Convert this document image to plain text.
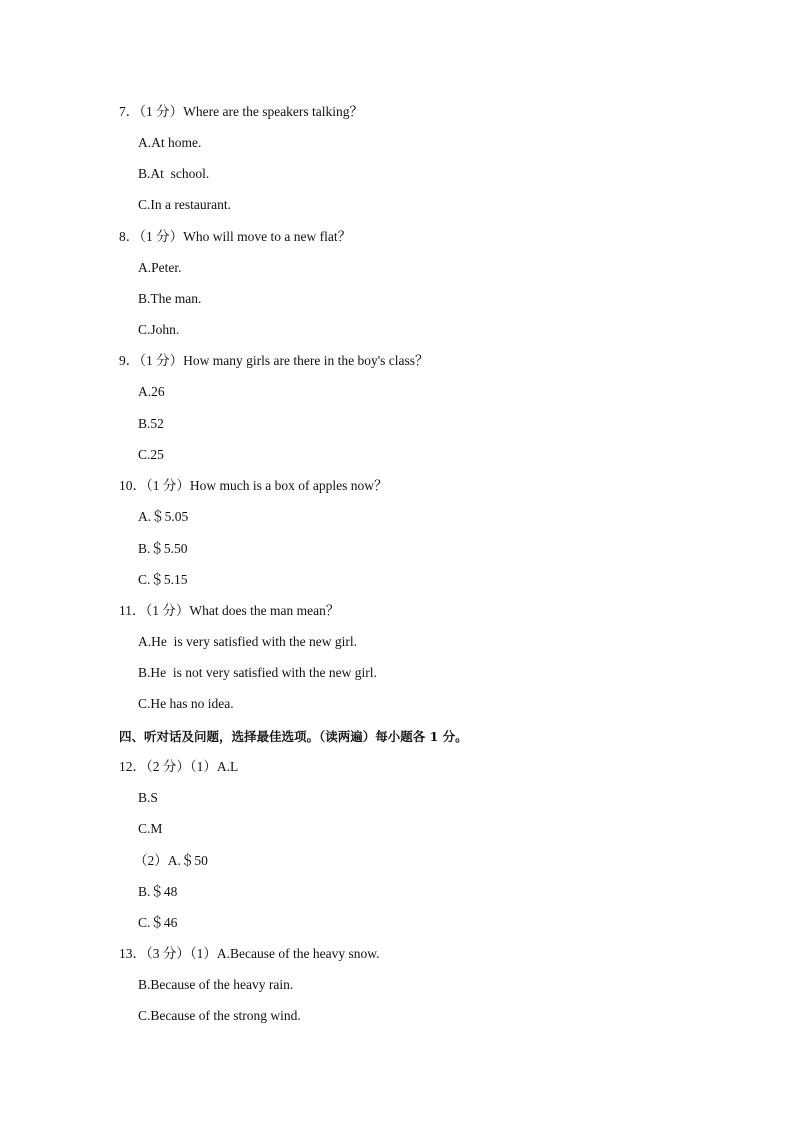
7．（1 分）Where are the speakers talking？
A.At home.
B.At  school.
C.In a restaurant.
8．（1 分）Who will move to a new flat？
A.Peter.
B.The man.
C.John.
9．（1 分）How many girls are there in the boy's class？
A.26
B.52
C.25
10．（1 分）How much is a box of apples now？
A.＄5.05
B.＄5.50
C.＄5.15
11．（1 分）What does the man mean？
A.He  is very satisfied with the new girl.
B.He  is not very satisfied with the new girl.
C.He has no idea.
四、听对话及问题，选择最佳选项。（读两遍）每小题各 1 分。
12．（2 分）（1）A.L
B.S
C.M
（2）A.＄50
B.＄48
C.＄46
13．（3 分）（1）A.Because of the heavy snow.
B.Because of the heavy rain.
C.Because of the strong wind.
